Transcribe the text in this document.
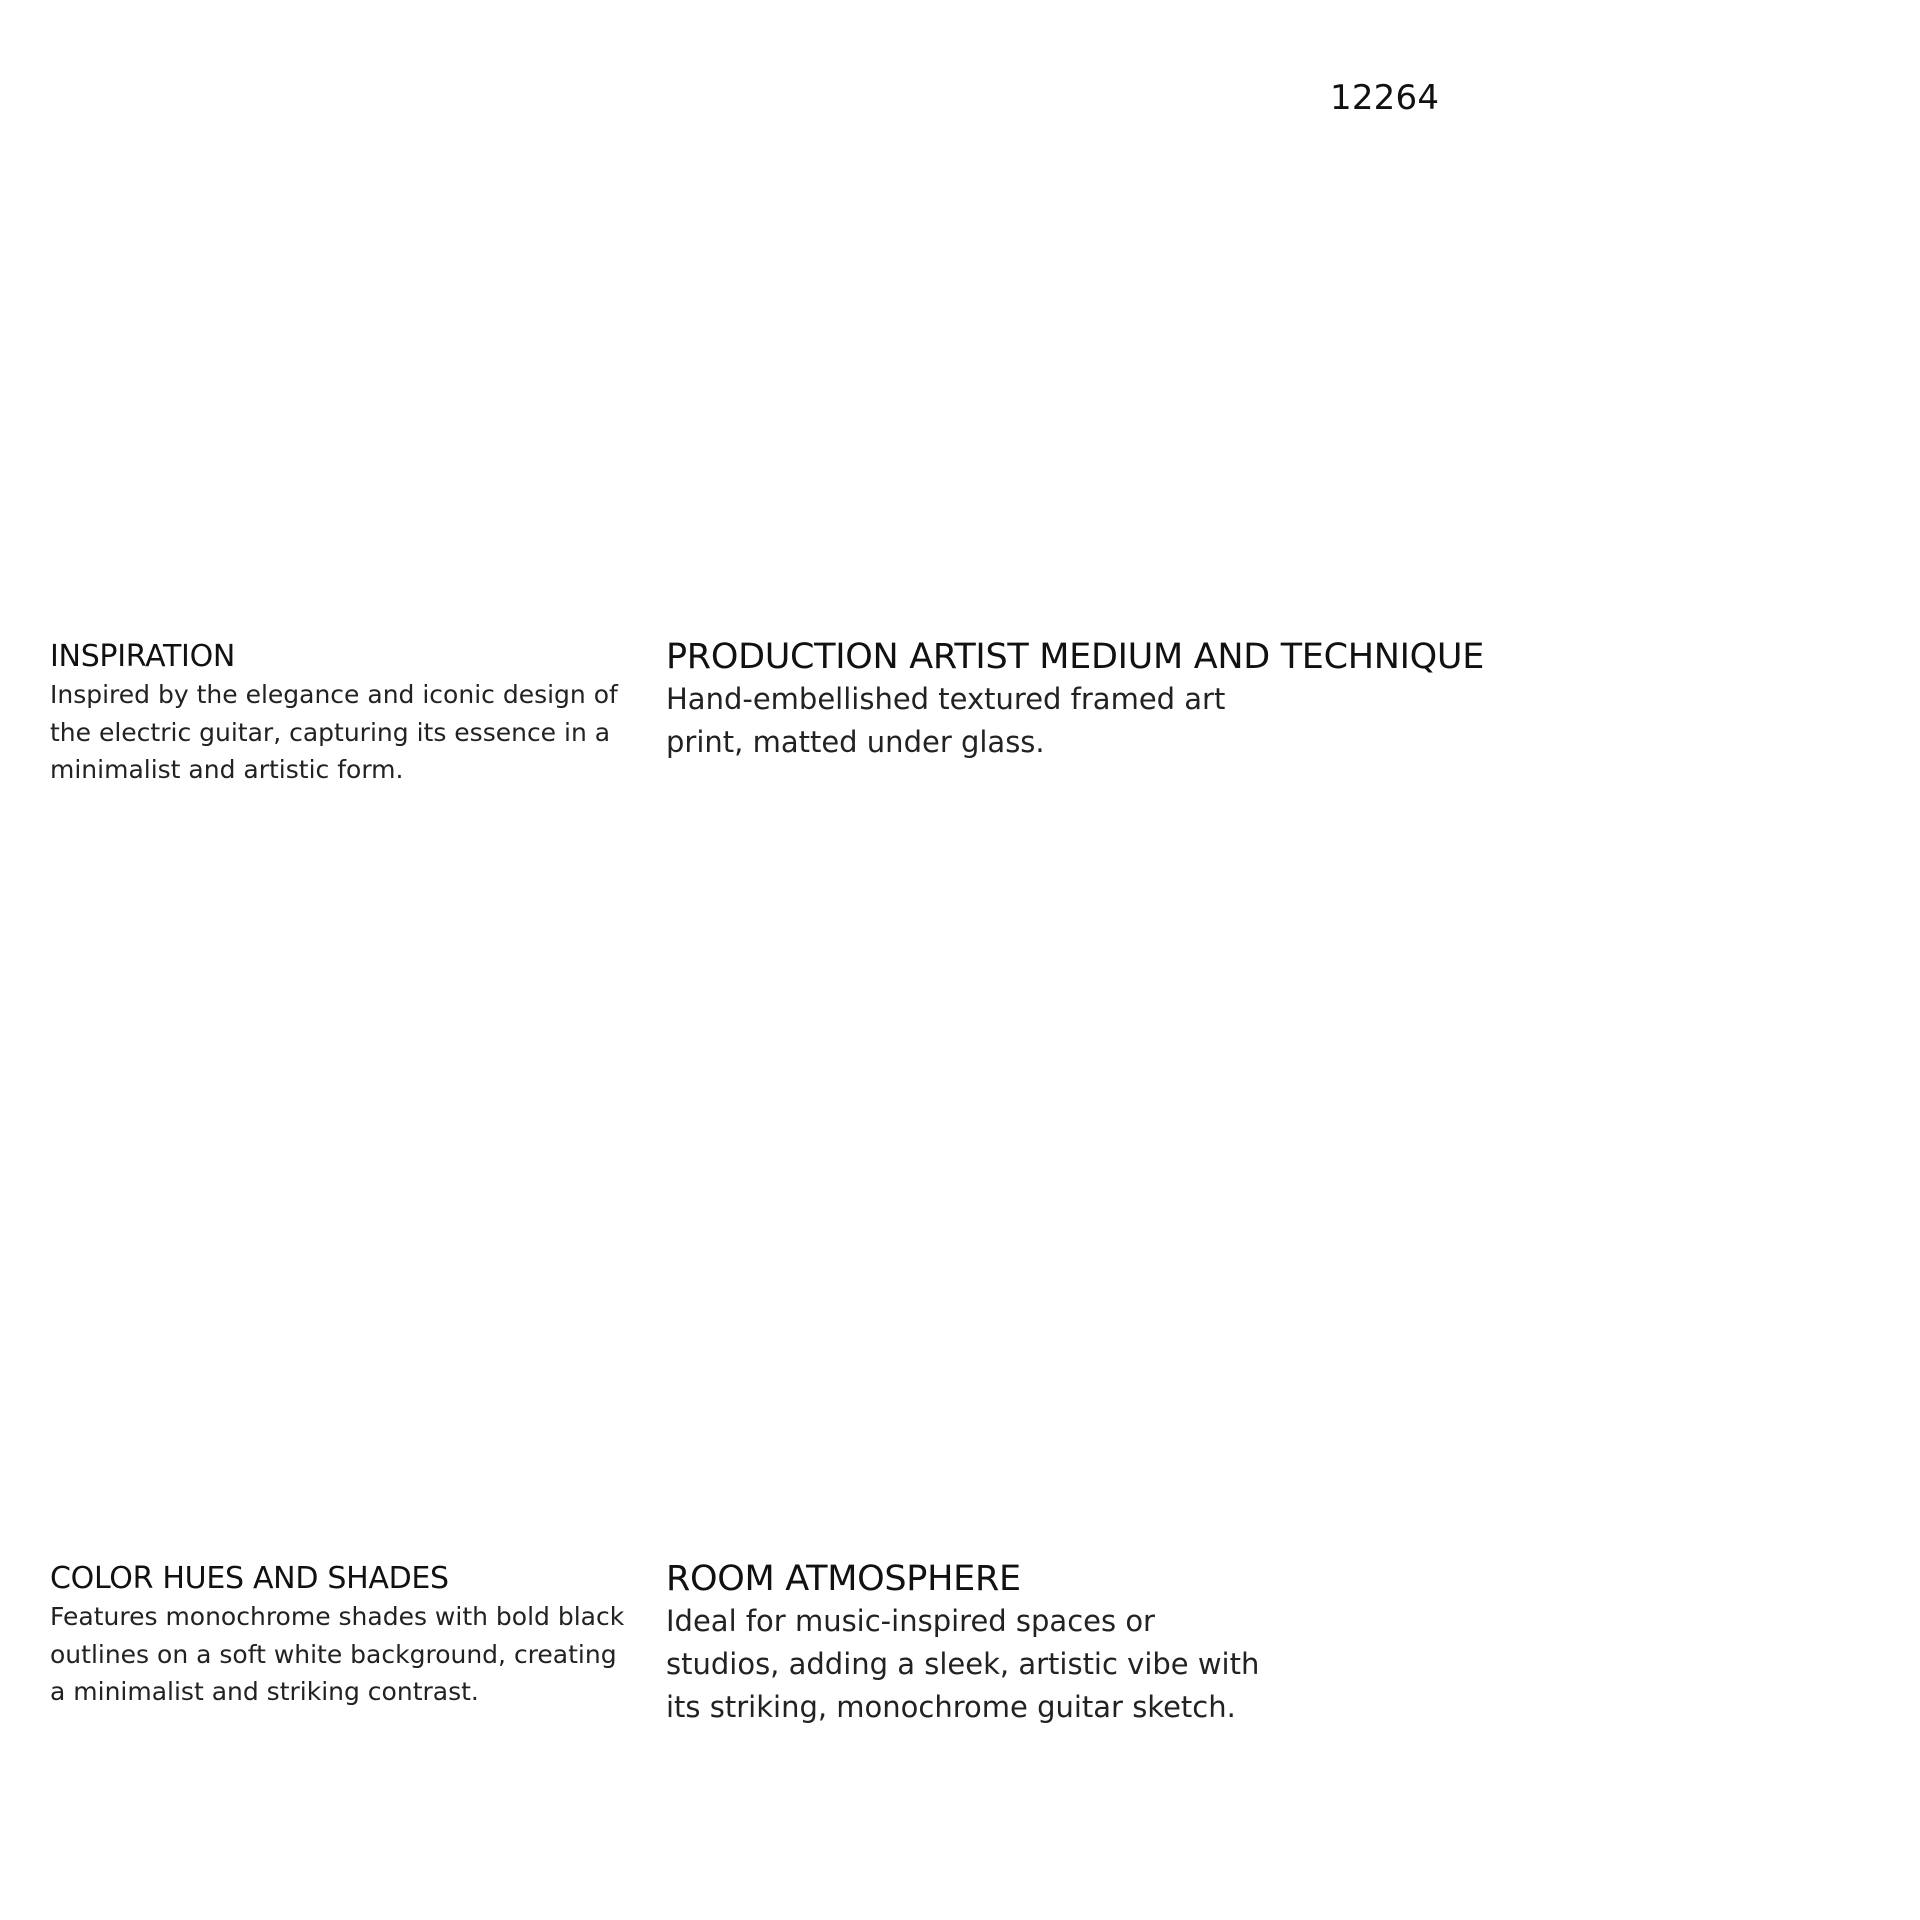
12264
INSPIRATION

Inspired by the elegance and iconic design of
the electric guitar, capturing its essence in a
minimalist and artistic form.

PRODUCTION ARTIST MEDIUM AND TECHNIQUE

Hand-embellished textured framed art
print, matted under glass.

COLOR HUES AND SHADES

Features monochrome shades with bold black
outlines on a soft white background, creating
a minimalist and striking contrast.

ROOM ATMOSPHERE

Ideal for music-inspired spaces or
studios, adding a sleek, artistic vibe with
its striking, monochrome guitar sketch.
